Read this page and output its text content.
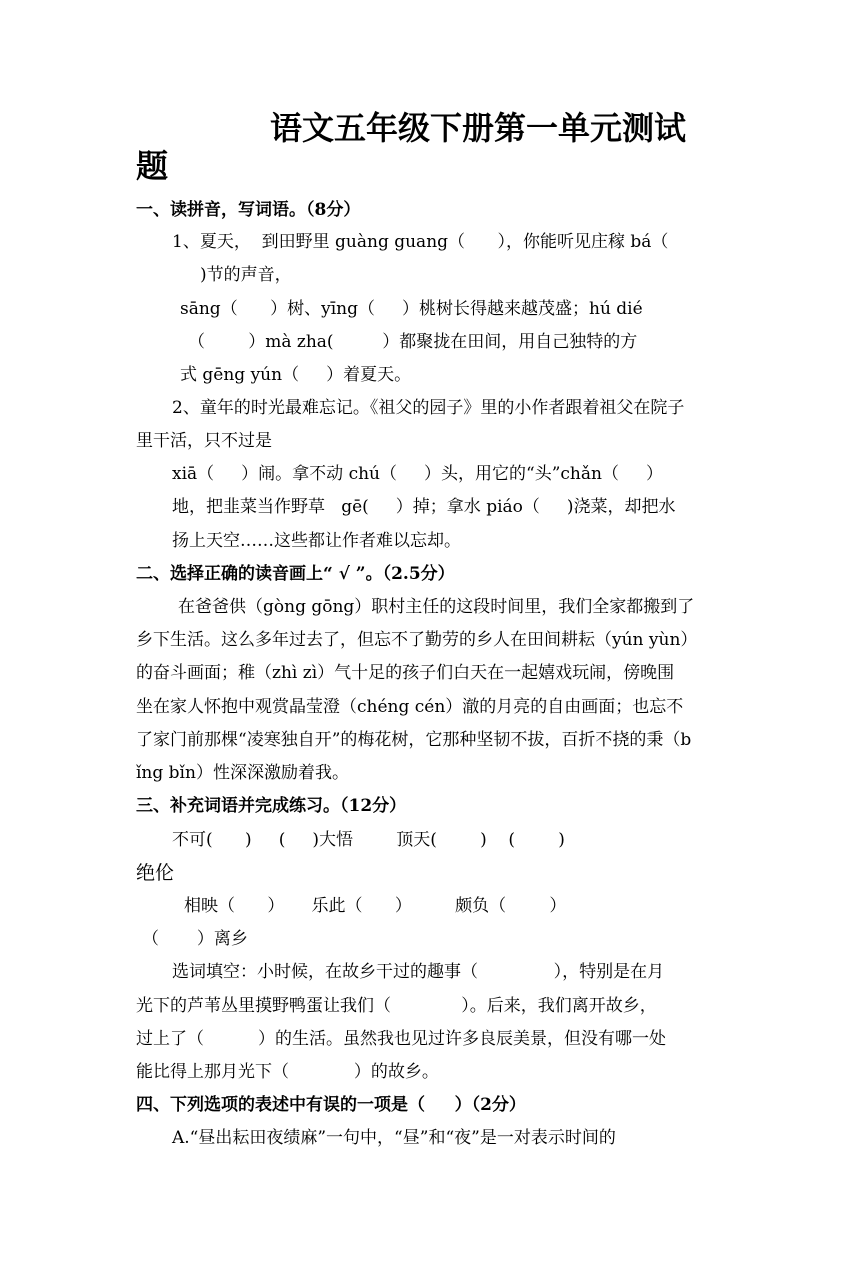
语文五年级下册第一单元测试
题
一、读拼音，写词语。（8分）
1、夏天，  到田野里 guàng guang（      ），你能听见庄稼 bá（
)节的声音，
sāng（      ）树、yīng（     ）桃树长得越来越茂盛；hú dié
（        ）mà zha(         ）都聚拢在田间，用自己独特的方
式 gēng yún（     ）着夏天。
2、童年的时光最难忘记。《祖父的园子》里的小作者跟着祖父在院子
里干活，只不过是
xiā（     ）闹。拿不动 chú（     ）头，用它的“头”chǎn（     ）
地，把韭菜当作野草   gē(     ）掉；拿水 piáo（     )浇菜，却把水
扬上天空……这些都让作者难以忘却。
二、选择正确的读音画上“ √ ”。（2.5分）
在爸爸供（gòng gōng）职村主任的这段时间里，我们全家都搬到了
乡下生活。这么多年过去了，但忘不了勤劳的乡人在田间耕耘（yún yùn）
的奋斗画面；稚（zhì zì）气十足的孩子们白天在一起嬉戏玩闹，傍晚围
坐在家人怀抱中观赏晶莹澄（chéng cén）澈的月亮的自由画面；也忘不
了家门前那棵“凌寒独自开”的梅花树，它那种坚韧不拔，百折不挠的秉（b
ǐng bǐn）性深深激励着我。
三、补充词语并完成练习。（12分）
不可(      )     (     )大悟        顶天(        )    (        )
绝伦
相映（      ）     乐此（      ）        颇负（        ）
（       ）离乡
选词填空：小时候，在故乡干过的趣事（              ），特别是在月
光下的芦苇丛里摸野鸭蛋让我们（             ）。后来，我们离开故乡，
过上了（          ）的生活。虽然我也见过许多良辰美景，但没有哪一处
能比得上那月光下（            ）的故乡。
四、下列选项的表述中有误的一项是（     ）（2分）
A.“昼出耘田夜绩麻”一句中，“昼”和“夜”是一对表示时间的
